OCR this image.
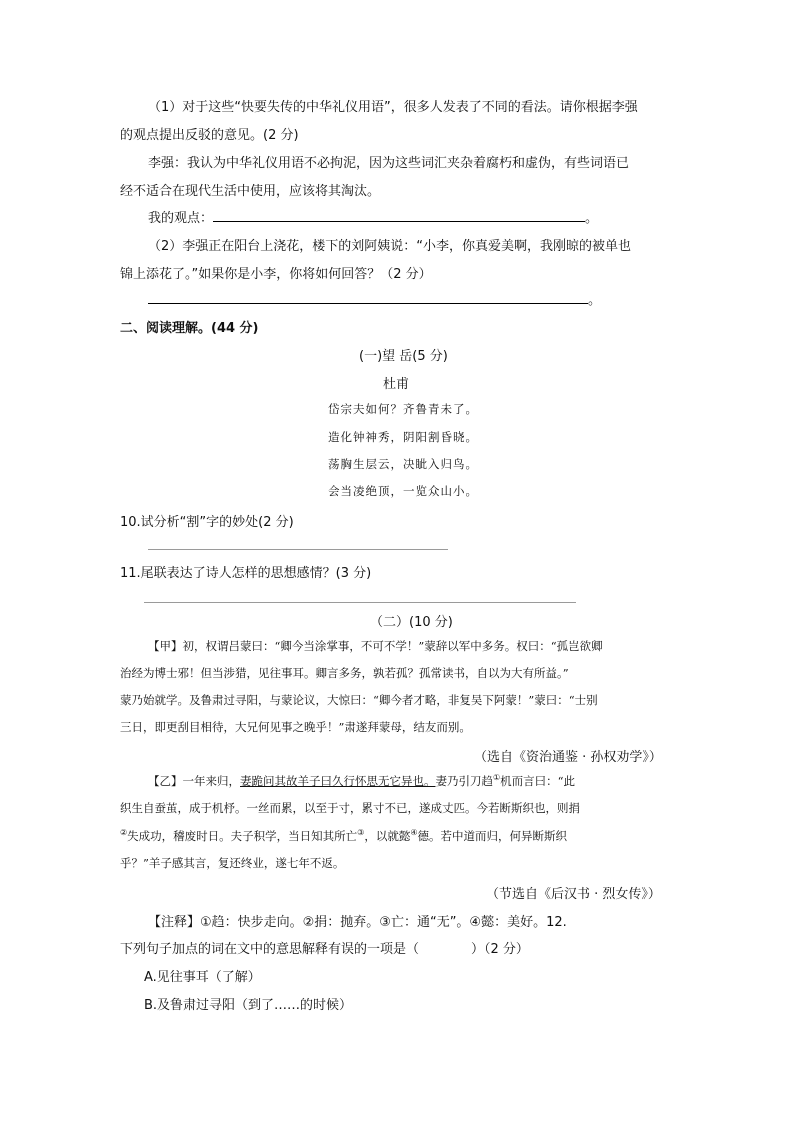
（1）对于这些“快要失传的中华礼仪用语”，很多人发表了不同的看法。请你根据李强
的观点提出反驳的意见。(2 分)
李强：我认为中华礼仪用语不必拘泥，因为这些词汇夹杂着腐朽和虚伪，有些词语已
经不适合在现代生活中使用，应该将其淘汰。
我的观点：	。
（2）李强正在阳台上浇花，楼下的刘阿姨说：“小李，你真爱美啊，我刚晾的被单也
锦上添花了。”如果你是小李，你将如何回答？（2 分）
。
二、阅读理解。(44 分)
(一)望 岳(5 分)
杜甫
岱宗夫如何？齐鲁青未了。
造化钟神秀，阴阳割昏晓。
荡胸生层云，决眦入归鸟。
会当凌绝顶，一览众山小。
10.试分析“割”字的妙处(2 分)
11.尾联表达了诗人怎样的思想感情？(3 分)
（二）(10 分)
【甲】初，权谓吕蒙曰：“卿今当涂掌事，不可不学！”蒙辞以军中多务。权曰：“孤岂欲卿
治经为博士邪！但当涉猎，见往事耳。卿言多务，孰若孤？孤常读书，自以为大有所益。”
蒙乃始就学。及鲁肃过寻阳，与蒙论议，大惊曰：“卿今者才略，非复吴下阿蒙！”蒙曰：“士别
三日，即更刮目相待，大兄何见事之晚乎！”肃遂拜蒙母，结友而别。
（选自《资治通鉴 · 孙权劝学》）
【乙】一年来归，妻跪问其故羊子曰久行怀思无它异也。妻乃引刀趋①机而言曰：“此
织生自蚕茧，成于机杼。一丝而累，以至于寸，累寸不已，遂成丈匹。今若断斯织也，则捐
②失成功，稽废时日。夫子积学，当日知其所亡③，以就懿④德。若中道而归，何异断斯织
乎？”羊子感其言，复还终业，遂七年不返。
（节选自《后汉书 · 烈女传》）
【注释】①趋：快步走向。②捐：抛弃。③亡：通“无”。④懿：美好。12.
下列句子加点的词在文中的意思解释有误的一项是（　　　　）（2 分）
A.见往事耳（了解）
B.及鲁肃过寻阳（到了……的时候）
